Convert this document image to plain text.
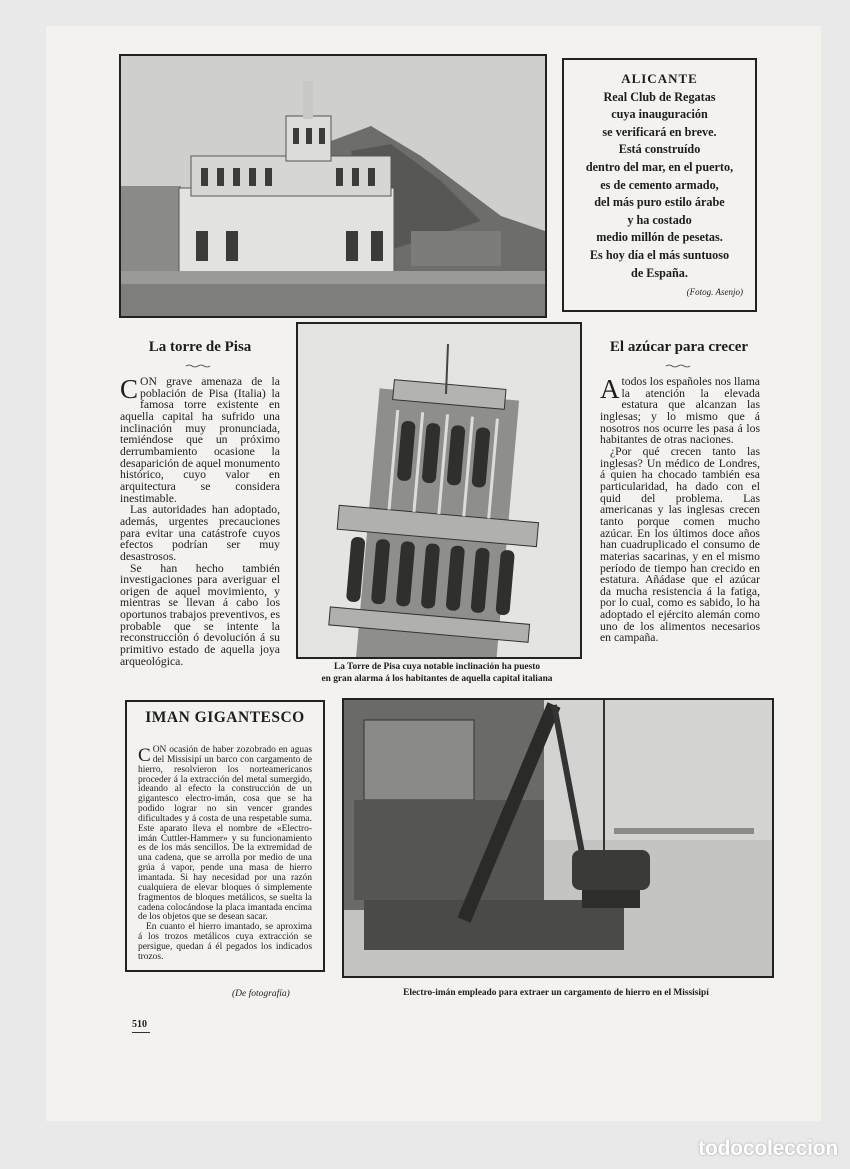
ALICANTE
Real Club de Regatas
cuya inauguración
se verificará en breve.
Está construído
dentro del mar, en el puerto,
es de cemento armado,
del más puro estilo árabe
y ha costado
medio millón de pesetas.
Es hoy día el más suntuoso
de España.
(Fotog. Asenjo)
La torre de Pisa

CON grave amenaza de la población de Pisa (Italia) la famosa torre existente en aquella capital ha sufrido una inclinación muy pronunciada, temiéndose que un próximo derrumbamiento ocasione la desaparición de aquel monumento histórico, cuyo valor en arquitectura se considera inestimable.

Las autoridades han adoptado, además, urgentes precauciones para evitar una catástrofe cuyos efectos podrían ser muy desastrosos.

Se han hecho también investigaciones para averiguar el origen de aquel movimiento, y mientras se llevan á cabo los oportunos trabajos preventivos, es probable que se intente la reconstrucción ó devolución á su primitivo estado de aquella joya arqueológica.	La Torre de Pisa cuya notable inclinación ha puesto
en gran alarma á los habitantes de aquella capital italiana
El azúcar para crecer

Atodos los españoles nos llama la atención la elevada estatura que alcanzan las inglesas; y lo mismo que á nosotros nos ocurre les pasa á los habitantes de otras naciones.

¿Por qué crecen tanto las inglesas? Un médico de Londres, á quien ha chocado también esa particularidad, ha dado con el quid del problema. Las americanas y las inglesas crecen tanto porque comen mucho azúcar. En los últimos doce años han cuadruplicado el consumo de materias sacarinas, y en el mismo período de tiempo han crecido en estatura. Añádase que el azúcar da mucha resistencia á la fatiga, por lo cual, como es sabido, lo ha adoptado el ejército alemán como uno de los alimentos necesarios en campaña.

IMAN GIGANTESCO

CON ocasión de haber zozobrado en aguas del Missisipí un barco con cargamento de hierro, resolvieron los norteamericanos proceder á la extracción del metal sumergido, ideando al efecto la construcción de un gigantesco electro-imán, cosa que se ha podido lograr no sin vencer grandes dificultades y á costa de una respetable suma. Este aparato lleva el nombre de «Electro-imán Cuttler-Hammer» y su funcionamiento es de los más sencillos. De la extremidad de una cadena, que se arrolla por medio de una grúa á vapor, pende una masa de hierro imantada. Si hay necesidad por una razón cualquiera de elevar bloques ó simplemente fragmentos de bloques metálicos, se suelta la cadena colocándose la placa imantada encima de los objetos que se desean sacar.

En cuanto el hierro imantado, se aproxima á los trozos metálicos cuya extracción se persigue, quedan á él pegados los indicados trozos.

(De fotografía)	Electro-imán empleado para extraer un cargamento de hierro en el Missisipí
510
todocoleccion
